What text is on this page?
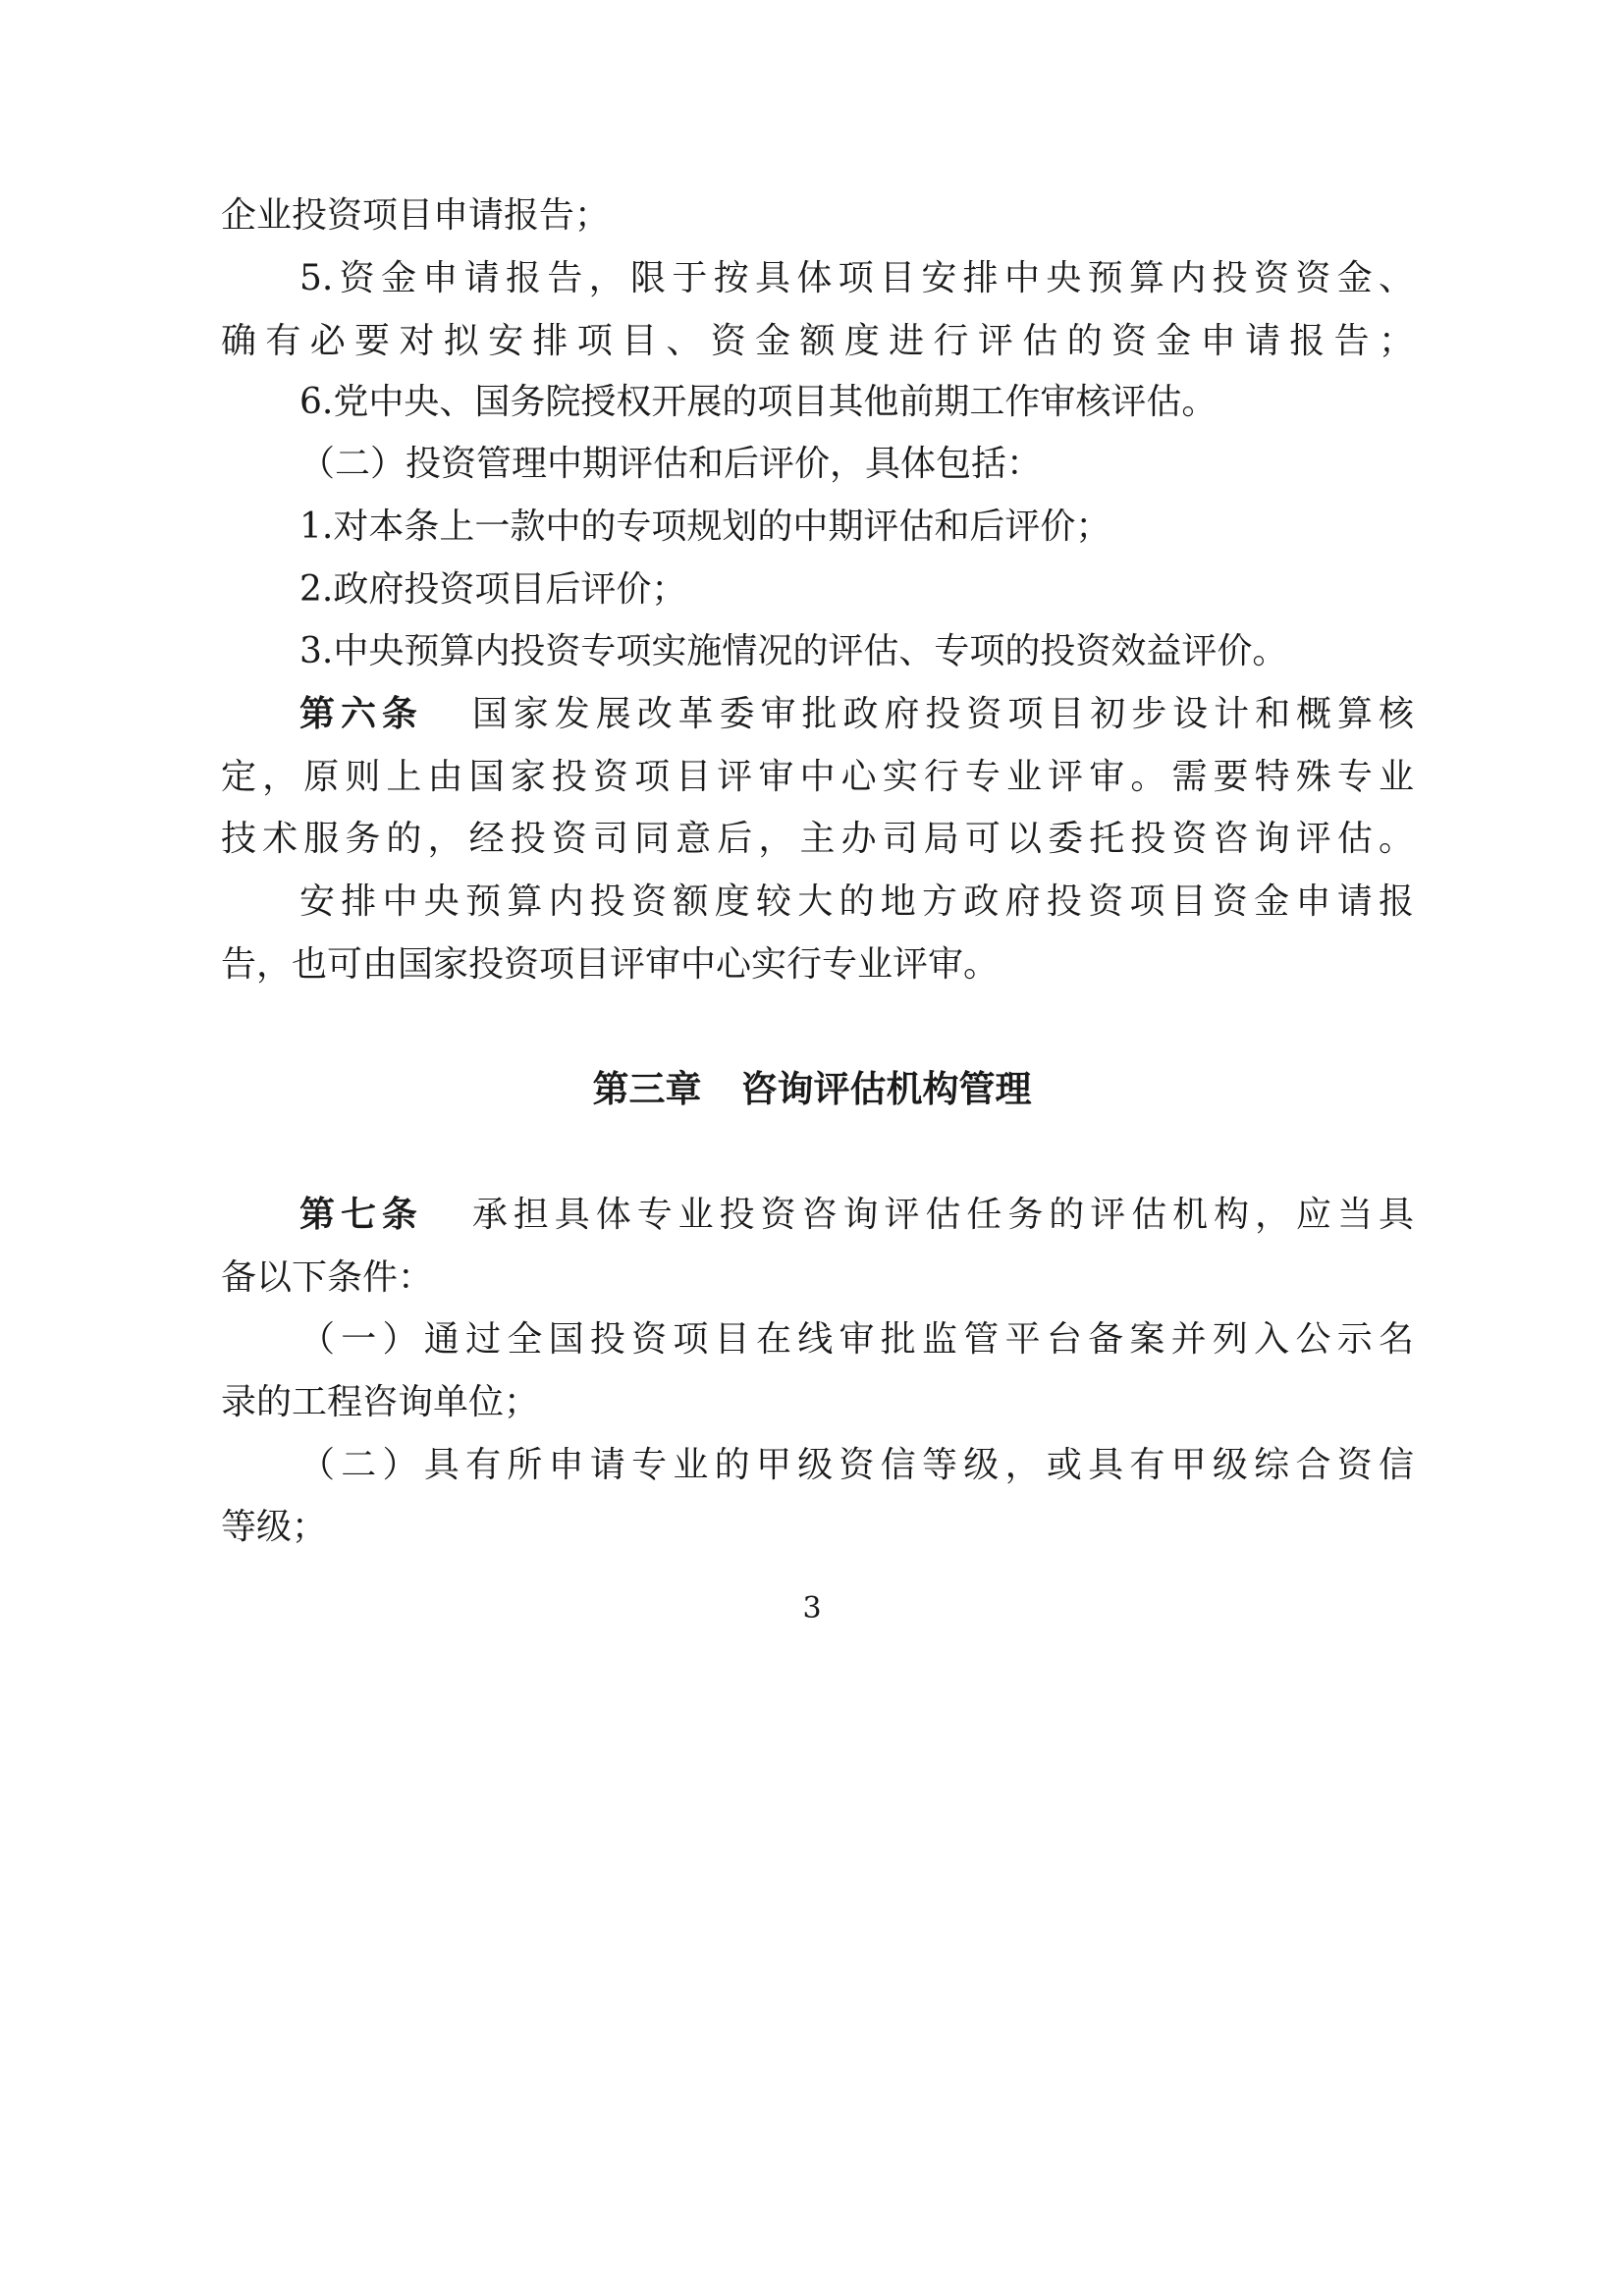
企业投资项目申请报告；
5.资金申请报告，限于按具体项目安排中央预算内投资资金、
确有必要对拟安排项目、资金额度进行评估的资金申请报告；
6.党中央、国务院授权开展的项目其他前期工作审核评估。
（二）投资管理中期评估和后评价，具体包括：
1.对本条上一款中的专项规划的中期评估和后评价；
2.政府投资项目后评价；
3.中央预算内投资专项实施情况的评估、专项的投资效益评价。
第六条 国家发展改革委审批政府投资项目初步设计和概算核
定，原则上由国家投资项目评审中心实行专业评审。需要特殊专业
技术服务的，经投资司同意后，主办司局可以委托投资咨询评估。
安排中央预算内投资额度较大的地方政府投资项目资金申请报
告，也可由国家投资项目评审中心实行专业评审。
第三章 咨询评估机构管理
第七条 承担具体专业投资咨询评估任务的评估机构，应当具
备以下条件：
（一）通过全国投资项目在线审批监管平台备案并列入公示名
录的工程咨询单位；
（二）具有所申请专业的甲级资信等级，或具有甲级综合资信
等级；
3
